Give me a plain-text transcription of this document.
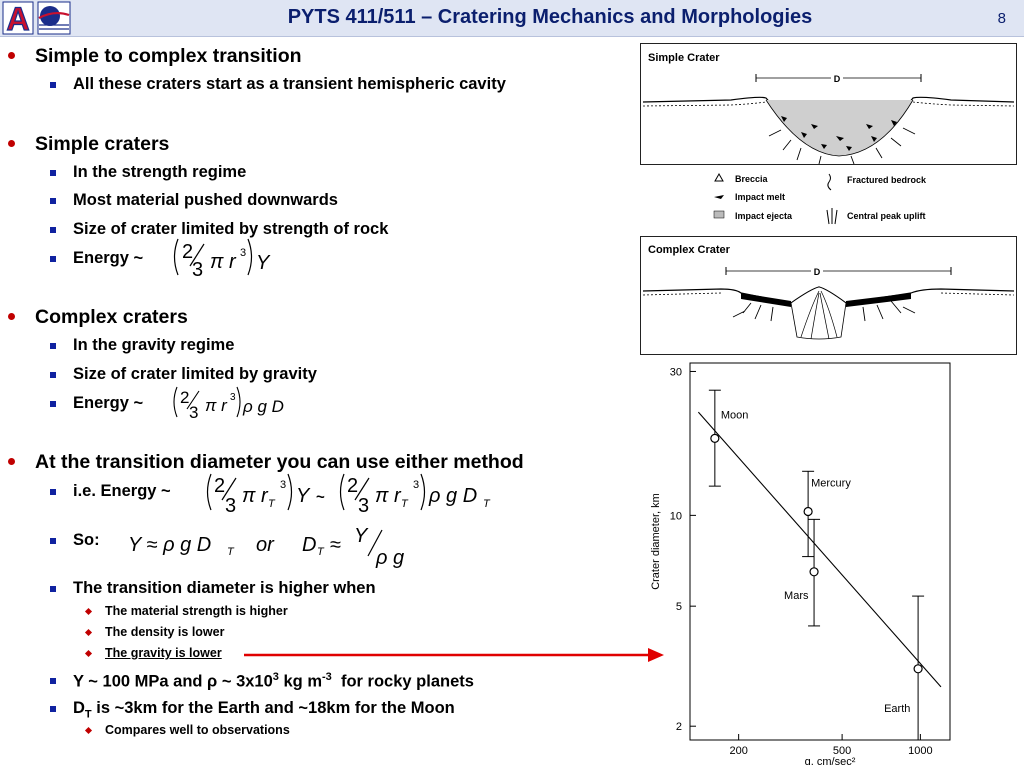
A	PYTS 411/511 – Cratering Mechanics and Morphologies	8
Simple to complex transition
All these craters start as a transient hemispheric cavity
Simple craters
In the strength regime
Most material pushed downwards
Size of crater limited by strength of rock
Energy ~ 2
3 π r 3 Y
Complex craters
In the gravity regime
Size of crater limited by gravity
Energy ~ 2
3 π r 3 ρ g D
At the transition diameter you can use either method
i.e. Energy ~ 2
3 π r T
3 Y ~
2
3 π r T
3 ρ g D T
So: Y ≈ ρ g D T or D T ≈ Y
ρ g
The transition diameter is higher when
The material strength is higher
The density is lower
The gravity is lower
Y ~ 100 MPa and ρ ~ $3x10^3$ kg $m^{-3}$  for rocky planets
$D_T$ is ~3km for the Earth and ~18km for the Moon
Compares well to observations
Simple Crater
D
Breccia
Impact melt
Impact ejecta
Fractured bedrock
Central peak uplift
Complex Crater
D
2
5
10
30
200	500	1000
g, cm/sec²
Crater diameter, km
Moon
Mercury
Mars
Earth
